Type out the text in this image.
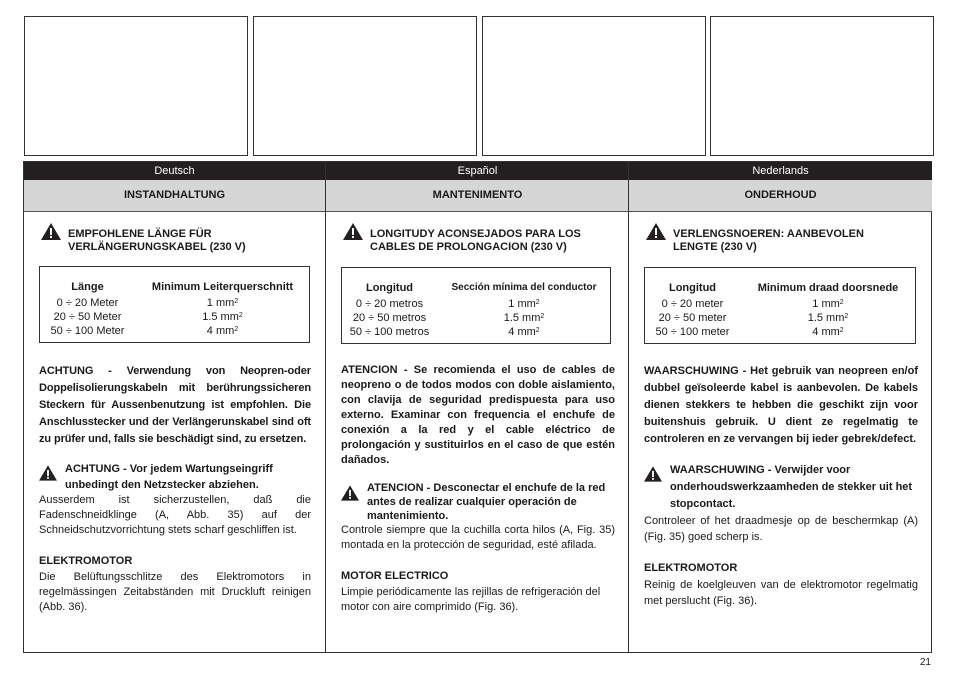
Deutsch
INSTANDHALTUNG
EMPFOHLENE LÄNGE FÜR
VERLÄNGERUNGSKABEL (230 V)
Länge
0 ÷ 20 Meter
20 ÷ 50 Meter
50 ÷ 100 Meter
Minimum Leiterquerschnitt
1 $mm^2$
1.5 $mm^2$
4 $mm^2$
ACHTUNG - Verwendung von Neopren-oder Doppelisolierungskabeln mit berührungssicheren Steckern für Aussenbenutzung ist empfohlen. Die Anschlusstecker und der Verlängerunskabel sind oft zu prüfer und, falls sie beschädigt sind, zu ersetzen.
ACHTUNG - Vor jedem Wartungseingriff unbedingt den Netzstecker abziehen.
Ausserdem ist sicherzustellen, daß die Fadenschneidklinge (A, Abb. 35) auf der Schneidschutzvorrichtung stets scharf geschliffen ist.
ELEKTROMOTOR
Die Belüftungsschlitze des Elektromotors in regelmässingen Zeitabständen mit Druckluft reinigen (Abb. 36).
Español
MANTENIMENTO
LONGITUDY ACONSEJADOS PARA LOS
CABLES DE PROLONGACION (230 V)
Longitud
0 ÷ 20 metros
20 ÷ 50 metros
50 ÷ 100 metros
Sección mínima del conductor
1 $mm^2$
1.5 $mm^2$
4 $mm^2$
ATENCION - Se recomienda el uso de cables de neopreno o de todos modos con doble aislamiento, con clavija de seguridad predispuesta para uso externo. Examinar con frequencia el enchufe de conexión a la red y el cable eléctrico de prolongación y sustituirlos en el caso de que estén dañados.
ATENCION - Desconectar el enchufe de la red antes de realizar cualquier operación de mantenimiento.
Controle siempre que la cuchilla corta hilos (A, Fig. 35) montada en la protección de seguridad, esté afilada.
MOTOR ELECTRICO
Limpie periódicamente las rejillas de refrigeración del motor con aire comprimido (Fig. 36).
Nederlands
ONDERHOUD
VERLENGSNOEREN: AANBEVOLEN
LENGTE (230 V)
Longitud
0 ÷ 20 meter
20 ÷ 50 meter
50 ÷ 100 meter
Minimum draad doorsnede
1 $mm^2$
1.5 $mm^2$
4 $mm^2$
WAARSCHUWING - Het gebruik van neopreen en/of dubbel geïsoleerde kabel is aanbevolen. De kabels dienen stekkers te hebben die geschikt zijn voor buitenshuis gebruik. U dient ze regelmatig te controleren en ze vervangen bij ieder gebrek/defect.
WAARSCHUWING - Verwijder voor onderhoudswerkzaamheden de stekker uit het stopcontact.
Controleer of het draadmesje op de beschermkap (A) (Fig. 35) goed scherp is.
ELEKTROMOTOR
Reinig de koelgleuven van de elektromotor regelmatig met perslucht (Fig. 36).
21
